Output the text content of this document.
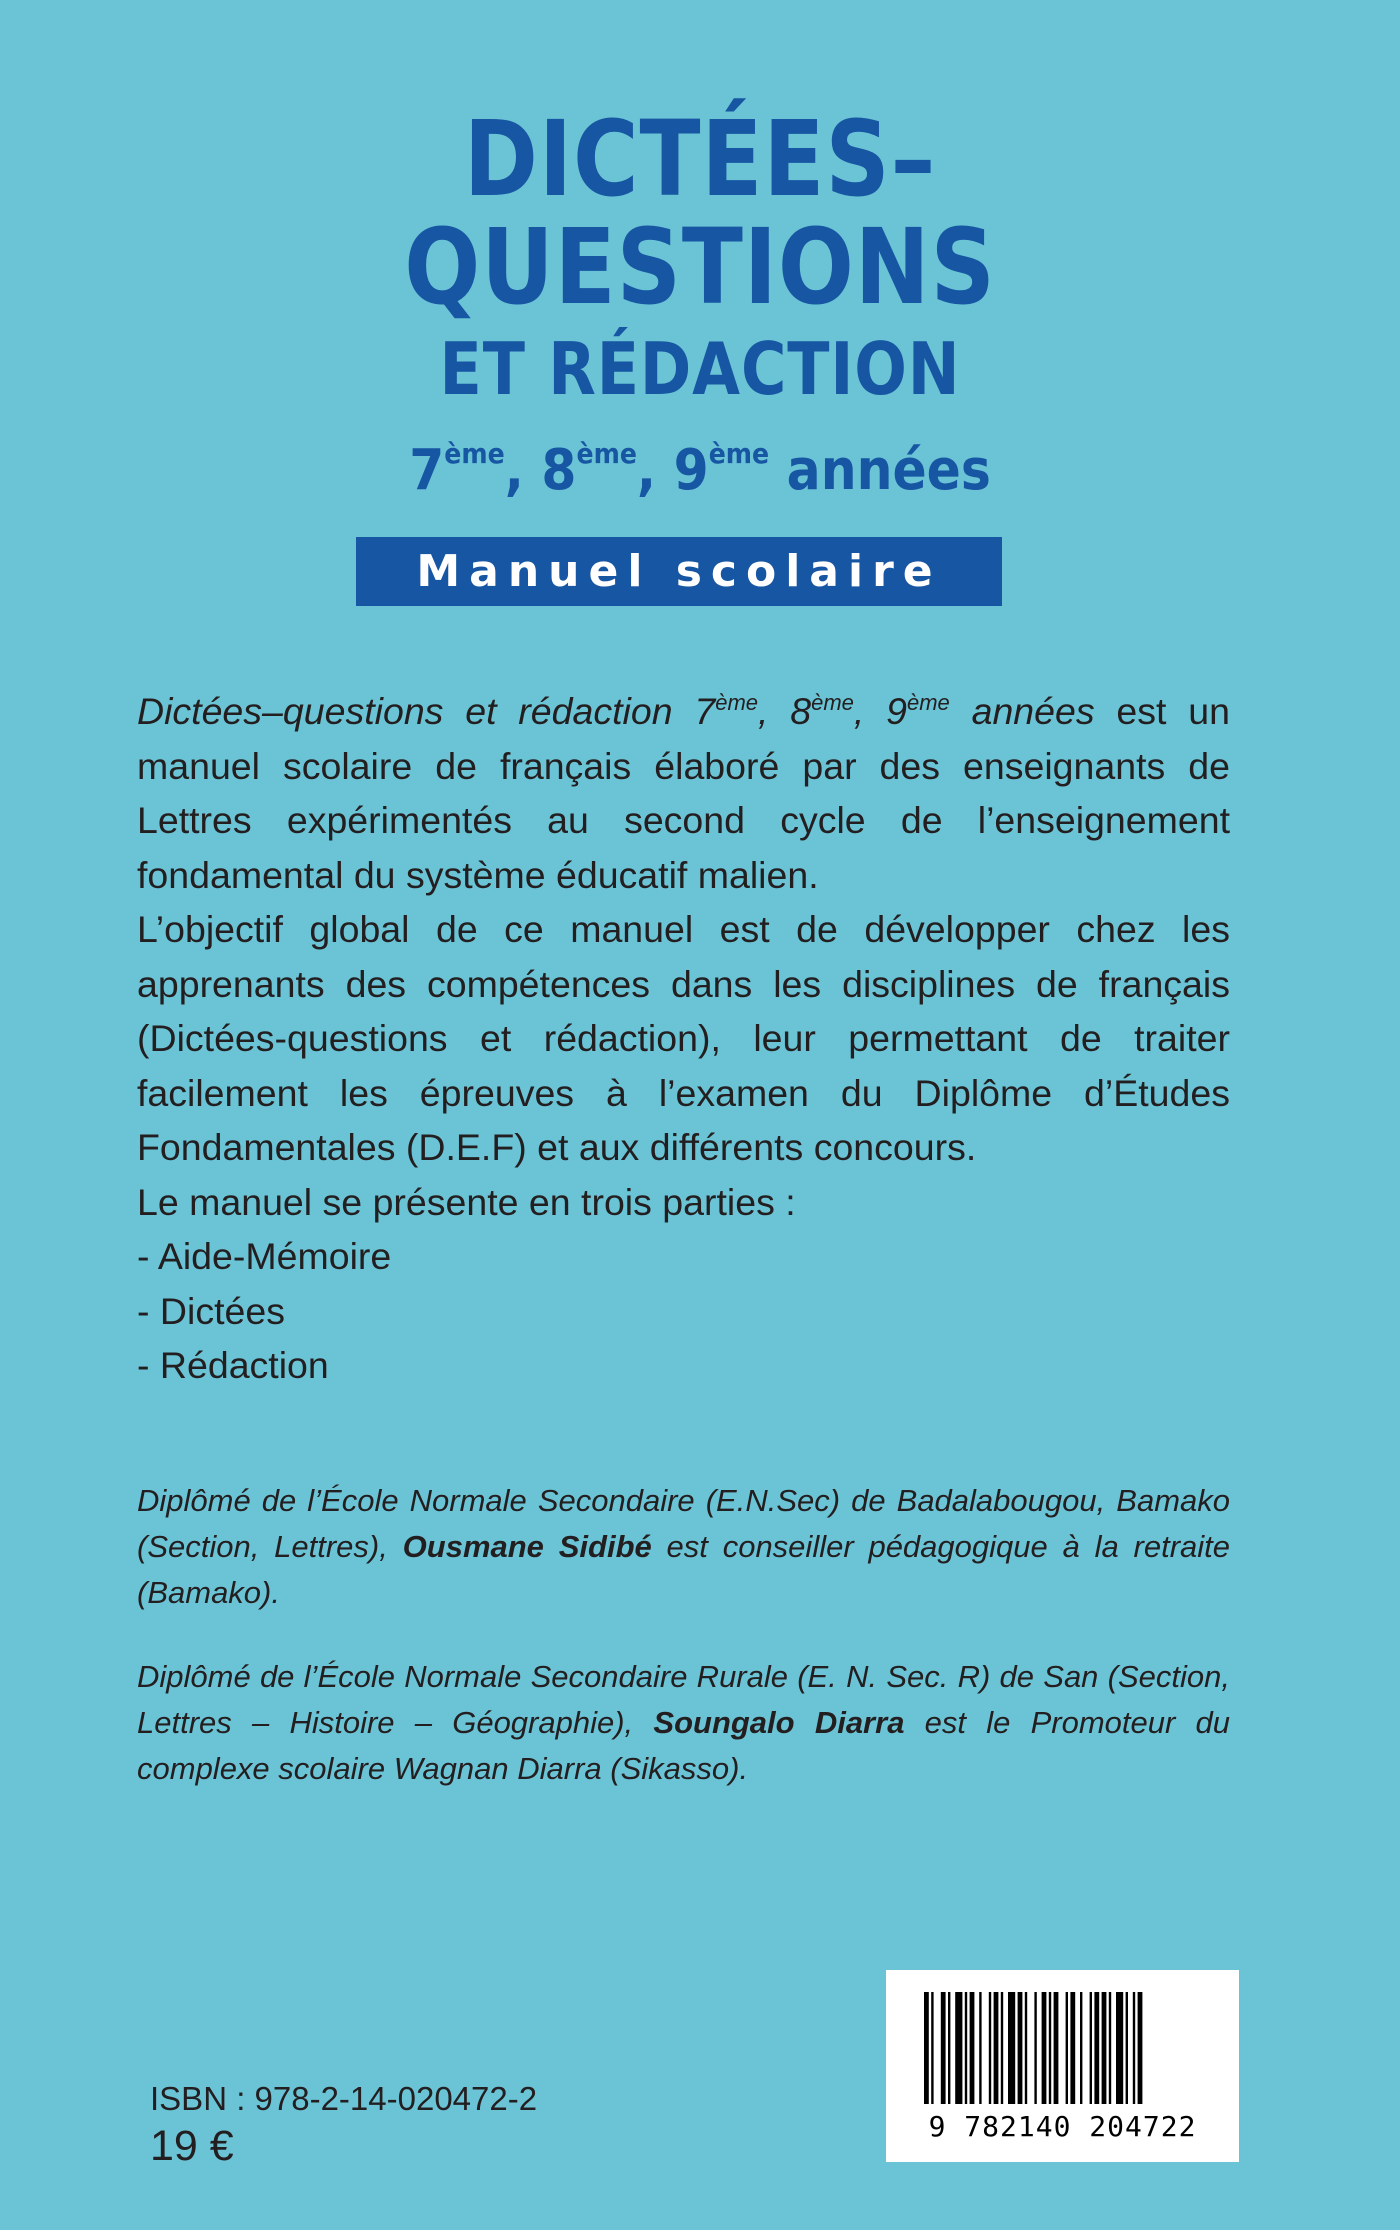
DICTÉES–
QUESTIONS
ET RÉDACTION
7ème, 8ème, 9ème années
Manuel scolaire

Dictées–questions et rédaction 7ème, 8ème, 9ème années est un manuel scolaire de français élaboré par des enseignants de Lettres expérimentés au second cycle de l’enseignement fondamental du système éducatif malien.

L’objectif global de ce manuel est de développer chez les apprenants des compétences dans les disciplines de français (Dictées-questions et rédaction), leur permettant de traiter facilement les épreuves à l’examen du Diplôme d’Études Fondamentales (D.E.F) et aux différents concours.

Le manuel se présente en trois parties :

- Aide-Mémoire
- Dictées
- Rédaction

Diplômé de l’École Normale Secondaire (E.N.Sec) de Badalabougou, Bamako (Section, Lettres), Ousmane Sidibé est conseiller pédagogique à la retraite (Bamako).

Diplômé de l’École Normale Secondaire Rurale (E. N. Sec. R) de San (Section, Lettres – Histoire – Géographie), Soungalo Diarra est le Promoteur du complexe scolaire Wagnan Diarra (Sikasso).

9 782140 204722
ISBN : 978-2-14-020472-2
19 €
